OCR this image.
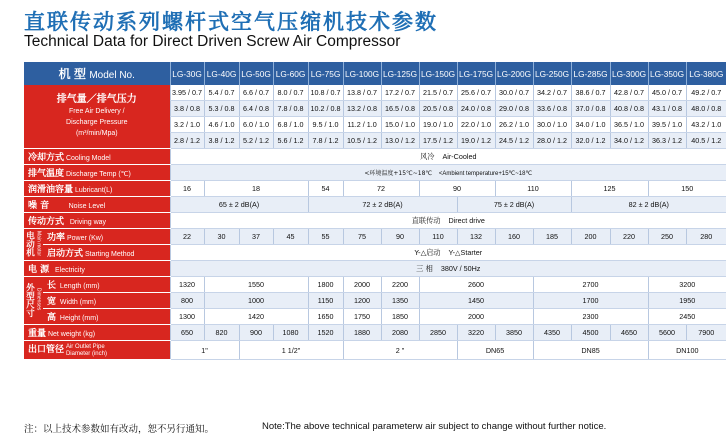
直联传动系列螺杆式空气压缩机技术参数
Technical Data for Direct Driven Screw Air Compressor
机 型 Model No.		LG-30G	LG-40G	LG-50G	LG-60G	LG-75G	LG-100G	LG-125G	LG-150G	LG-175G	LG-200G	LG-250G	LG-285G	LG-300G	LG-350G	LG-380G
排气量／排气压力
Free Air Delivery /
Discharge Pressure
(m³/min/Mpa)		3.95 / 0.7	5.4 / 0.7	6.6 / 0.7	8.0 / 0.7	10.8 / 0.7	13.8 / 0.7	17.2 / 0.7	21.5 / 0.7	25.6 / 0.7	30.0 / 0.7	34.2 / 0.7	38.6 / 0.7	42.8 / 0.7	45.0 / 0.7	49.2 / 0.7
		3.8 / 0.8	5.3 / 0.8	6.4 / 0.8	7.8 / 0.8	10.2 / 0.8	13.2 / 0.8	16.5 / 0.8	20.5 / 0.8	24.0 / 0.8	29.0 / 0.8	33.6 / 0.8	37.0 / 0.8	40.8 / 0.8	43.1 / 0.8	48.0 / 0.8
		3.2 / 1.0	4.6 / 1.0	6.0 / 1.0	6.8 / 1.0	9.5 / 1.0	11.2 / 1.0	15.0 / 1.0	19.0 / 1.0	22.0 / 1.0	26.2 / 1.0	30.0 / 1.0	34.0 / 1.0	36.5 / 1.0	39.5 / 1.0	43.2 / 1.0
		2.8 / 1.2	3.8 / 1.2	5.2 / 1.2	5.6 / 1.2	7.8 / 1.2	10.5 / 1.2	13.0 / 1.2	17.5 / 1.2	19.0 / 1.2	24.5 / 1.2	28.0 / 1.2	32.0 / 1.2	34.0 / 1.2	36.3 / 1.2	40.5 / 1.2
冷却方式 Cooling Model		风冷 Air-Cooled														
排气温度 Discharge Temp (℃)		<环境温度+15℃~18℃ <Ambient temperature+15℃~18℃														
润滑油容量 Lubricant(L)		16	18			54	72		90		110		125		150	
噪 音 Noise Level		65 ± 2 dB(A)				72 ± 2 dB(A)				75 ± 2 dB(A)			82 ± 2 dB(A)			
传动方式 Driving way		直联传动 Direct drive														

电动机 Main motor	功率 Power (Kw)	22	30	37	45	55	75	90	110	132	160	185	200	220	250	280
	启动方式 Starting Method	Y-△启动 Y-△Starter														
电 源 Electricity		三 相 380V / 50Hz														

外型尺寸 Dimenses	长 Length (mm)	1320	1550			1800	2000	2200	2600			2700			3200	
	宽 Width (mm)	800	1000			1150	1200	1350	1450			1700			1950	
	高 Height (mm)	1300	1420			1650	1750	1850	2000			2300			2450	
重量 Net weight (kg)		650	820	900	1080	1520	1880	2080	2850	3220	3850	4350	4500	4650	5600	7900
出口管径 Air Outlet Pipe Diameter (inch)		1"		1 1/2"			2 "			DN65		DN85			DN100	
注：以上技术参数如有改动，恕不另行通知。	Note:The above technical parameterw air subject to change without further notice.
